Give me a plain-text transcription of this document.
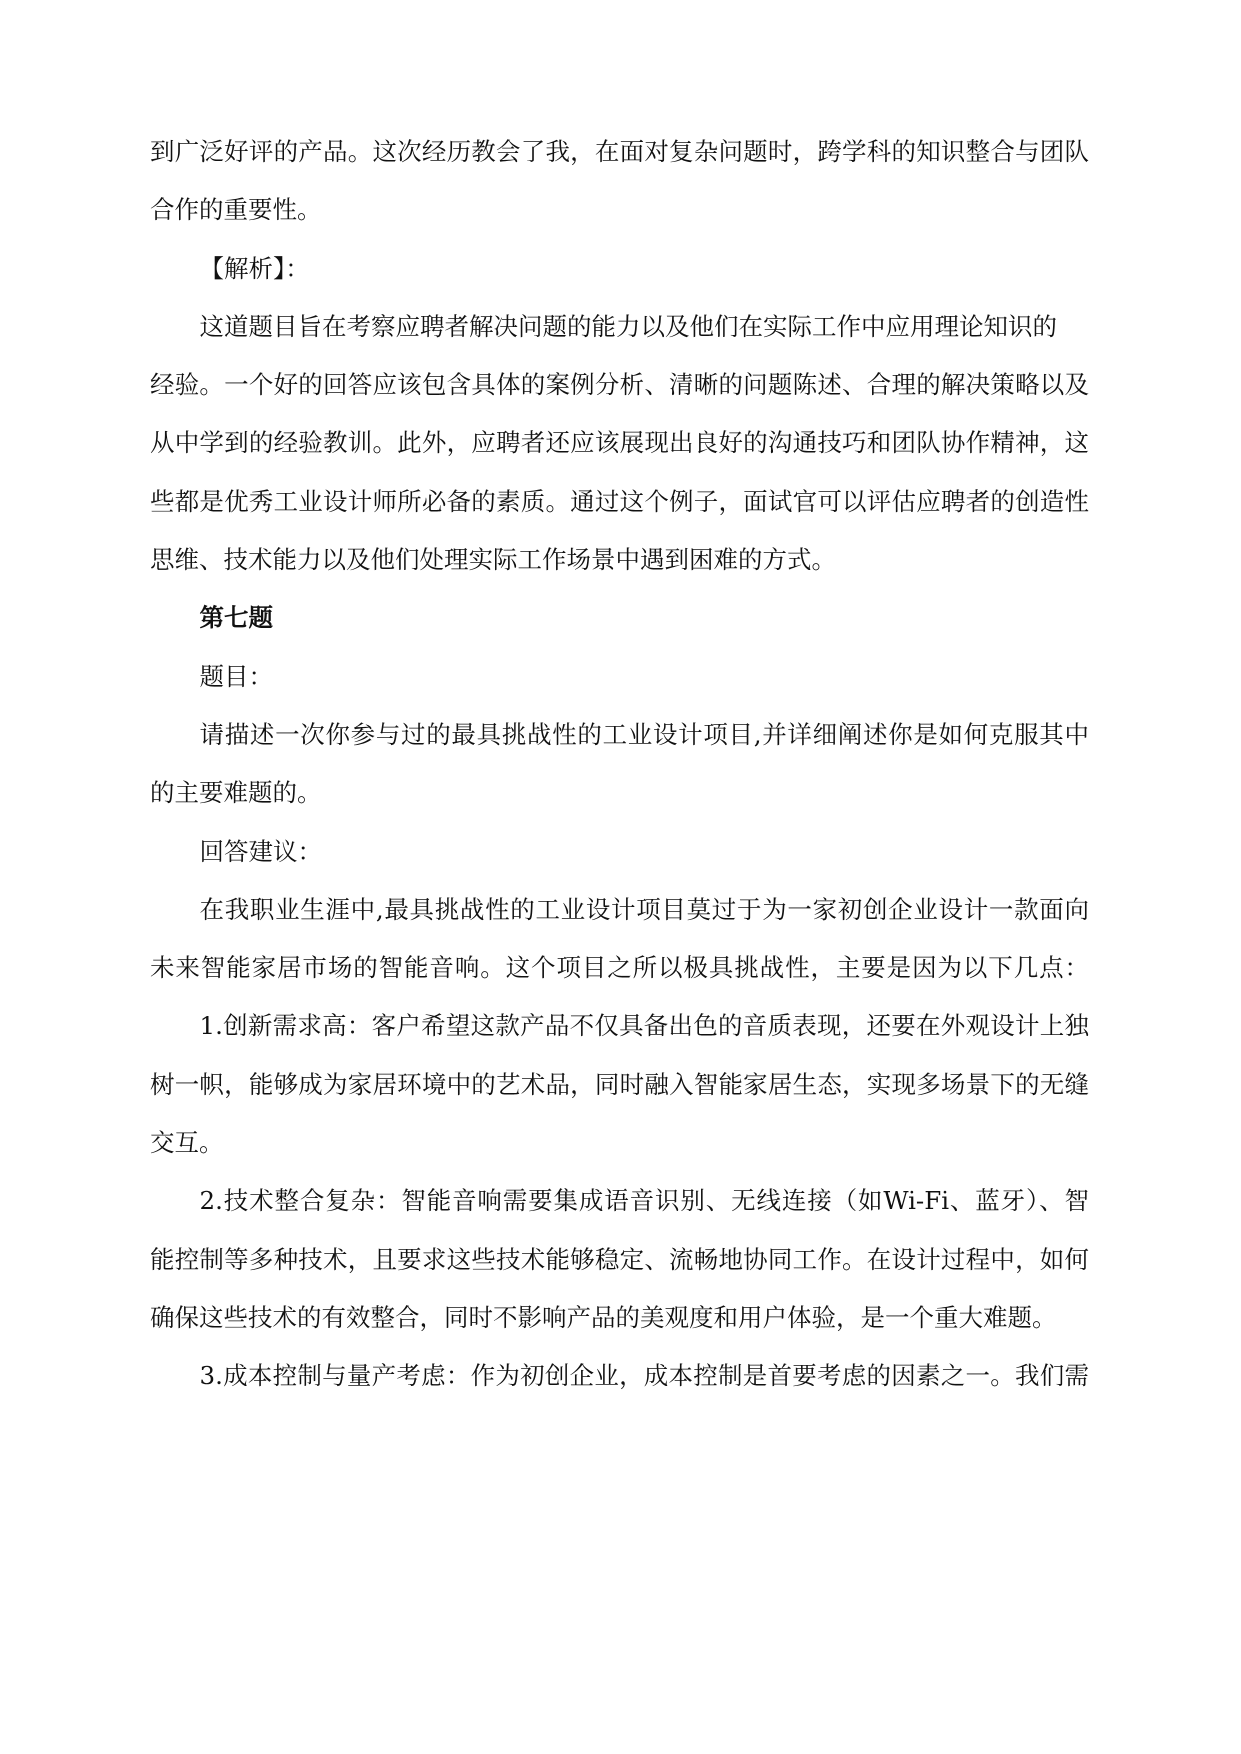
到广泛好评的产品。这次经历教会了我，在面对复杂问题时，跨学科的知识整合与团队
合作的重要性。
【解析】：
这道题目旨在考察应聘者解决问题的能力以及他们在实际工作中应用理论知识的
经验。一个好的回答应该包含具体的案例分析、清晰的问题陈述、合理的解决策略以及
从中学到的经验教训。此外，应聘者还应该展现出良好的沟通技巧和团队协作精神，这
些都是优秀工业设计师所必备的素质。通过这个例子，面试官可以评估应聘者的创造性
思维、技术能力以及他们处理实际工作场景中遇到困难的方式。
第七题
题目：
请描述一次你参与过的最具挑战性的工业设计项目,并详细阐述你是如何克服其中
的主要难题的。
回答建议：
在我职业生涯中,最具挑战性的工业设计项目莫过于为一家初创企业设计一款面向
未来智能家居市场的智能音响。这个项目之所以极具挑战性，主要是因为以下几点：
1.创新需求高：客户希望这款产品不仅具备出色的音质表现，还要在外观设计上独
树一帜，能够成为家居环境中的艺术品，同时融入智能家居生态，实现多场景下的无缝
交互。
2.技术整合复杂：智能音响需要集成语音识别、无线连接（如Wi-Fi、蓝牙）、智
能控制等多种技术，且要求这些技术能够稳定、流畅地协同工作。在设计过程中，如何
确保这些技术的有效整合，同时不影响产品的美观度和用户体验，是一个重大难题。
3.成本控制与量产考虑：作为初创企业，成本控制是首要考虑的因素之一。我们需
